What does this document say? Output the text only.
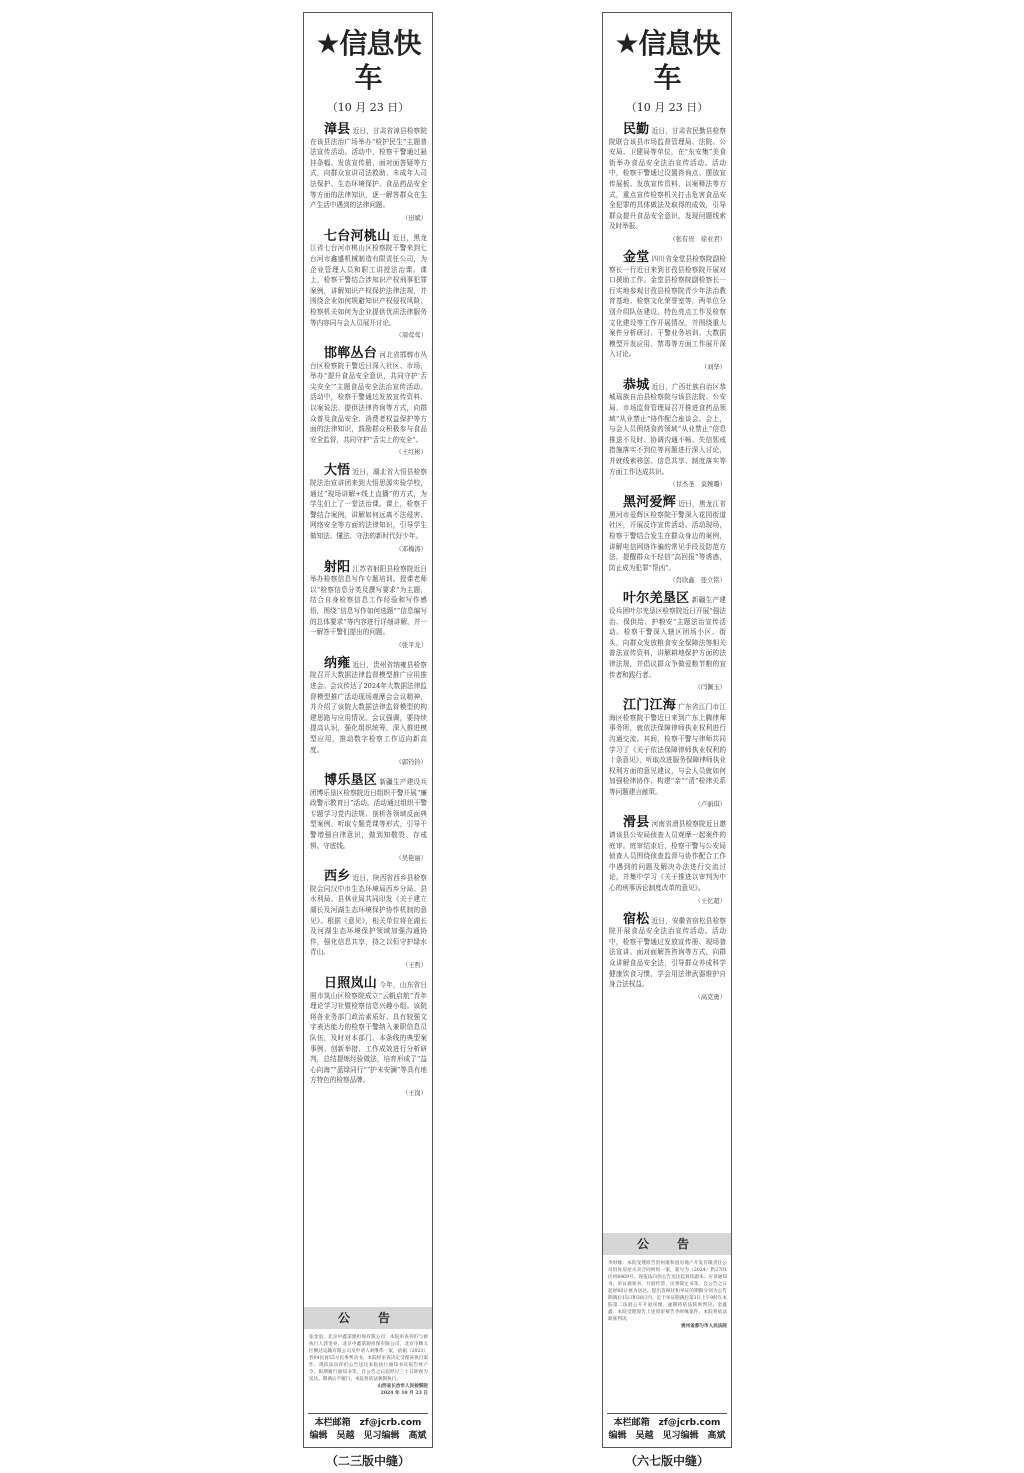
★信息快车
（10 月 23 日）

漳县 近日，甘肃省漳县检察院在该县法治广场举办“检护民生”主题普法宣传活动。活动中，检察干警通过悬挂条幅、发放宣传册、面对面答疑等方式，向群众宣讲司法救助、未成年人司法保护、生态环境保护、食品药品安全等方面的法律知识，逐一解答群众在生产生活中遇到的法律问题。

（田斌）

七台河桃山 近日，黑龙江省七台河市桃山区检察院干警来到七台河市鑫盛机械制造有限责任公司，为企业管理人员和职工讲授法治课。课上，检察干警结合涉知识产权刑事犯罪案例，讲解知识产权保护法律法规，并围绕企业如何规避知识产权侵权风险、检察机关如何为企业提供优质法律服务等内容同与会人员展开讨论。

（周莺莺）

邯郸丛台 河北省邯郸市丛台区检察院干警近日深入社区、市场，举办“提升食品安全意识，共同守护‘舌尖安全’”主题食品安全法治宣传活动。活动中，检察干警通过发放宣传资料、以案说法、提供法律咨询等方式，向群众普及食品安全、消费者权益保护等方面的法律知识，鼓励群众积极参与食品安全监督，共同守护“舌尖上的安全”。

（王红彬）

大悟 近日，湖北省大悟县检察院法治宣讲团来到大悟思源实验学校，通过“现场讲解+线上直播”的方式，为学生们上了一堂法治课。课上，检察干警结合案例，讲解如何远离不法侵害、网络安全等方面的法律知识，引导学生做知法、懂法、守法的新时代好少年。

（邓梅涛）

射阳 江苏省射阳县检察院近日举办检察信息写作专题培训。授课老师以“检察信息分类及撰写要求”为主题，结合自身检察信息工作经验和写作感悟，围绕“信息写作如何选题”“信息编写的总体要求”等内容进行详细讲解，并一一解答干警们提出的问题。

（张平龙）

纳雍 近日，贵州省纳雍县检察院召开大数据法律监督模型推广应用推进会。会议传达了2024年大数据法律监督模型推广活动现场观摩会会议精神，并介绍了该院大数据法律监督模型的构建思路与应用情况。会议强调，要持续提高认识，强化组织统筹，深入推进模型应用，推动数字检察工作迈向新高度。

（郭钤钤）

博乐垦区 新疆生产建设兵团博乐垦区检察院近日组织干警开展“廉政警示教育日”活动。活动通过组织干警专题学习党内法规、剖析各领域反面典型案例、听取专题党课等形式，引导干警增强自律意识，做到知敬畏、存戒惧、守底线。

（吴艳丽）

西乡 近日，陕西省西乡县检察院会同汉中市生态环境局西乡分局、县水利局、县林业局共同印发《关于建立湖长及河湖生态环境保护协作机制的意见》。根据《意见》，相关单位将在湖长及河湖生态环境保护领域加强沟通协作，强化信息共享，持之以恒守护绿水青山。

（王哲）

日照岚山 今年，山东省日照市岚山区检察院成立“云帆启航”青年理论学习社暨检察信息兴趣小组。该院将各业务部门政治素质好、具有较强文字表达能力的检察干警纳入兼职信息员队伍，及时对本部门、本条线的典型案事例、创新举措、工作成效进行分析研判，总结提炼经验做法，培育形成了“益心向海”“蓝绿同行”“护未安澜”等具有地方特色的检察品牌。

（王岗）
公　告
张金浪、北京中鑫诺源担保有限公司：本院审查你们与被执行人郭金亮、北京中鑫诺源担保有限公司、北京市顺义区腾达运输有限公司及申请人刘继伟一案，依据（2023）晋04民再55号民事判决书，本院经审查决定受理该执行案件。现依法向你们公告送达本院执行通知书及报告财产令、限期履行通知书等，自公告之日起经过三十日即视为送达。期满后不履行，本院将依法强制执行。
山西省长治市人民检察院
2024 年 10 月 23 日
本栏邮箱　 zf@jcrb.com
编辑　吴越　见习编辑　高斌
（二三版中缝）
★信息快车
（10 月 23 日）

民勤 近日，甘肃省民勤县检察院联合该县市场监督管理局、法院、公安局、卫健局等单位，在“东安集”美食街举办食品安全法治宣传活动。活动中，检察干警通过设置咨询点、摆放宣传展板、发放宣传资料、以案释法等方式，重点宣传检察机关打击危害食品安全犯罪的具体做法及取得的成效，引导群众提升食品安全意识，发现问题线索及时举报。

（张有贵　徐亚君）

金堂 四川省金堂县检察院副检察长一行近日来到甘孜县检察院开展对口援助工作。金堂县检察院副检察长一行实地参观甘孜县检察院青少年法治教育基地、检察文化荣誉室等，两单位分别介绍队伍建设、特色亮点工作及检察文化建设等工作开展情况，并围绕重大案件分析研讨、干警业务培训、大数据模型开发应用、禁毒等方面工作展开深入讨论。

（刘华）

恭城 近日，广西壮族自治区恭城瑶族自治县检察院与该县法院、公安局、市场监督管理局召开推进食药品领域“从业禁止”协作配合座谈会。会上，与会人员围绕食药领域“从业禁止”信息推送不及时、协调沟通不畅、失信惩戒措施落实不到位等问题进行深入讨论，并就线索移送、信息共享、制度落实等方面工作达成共识。

（甘杰圣　莫婉璐）

黑河爱辉 近日，黑龙江省黑河市爱辉区检察院干警深入花园街道社区，开展反诈宣传活动。活动现场，检察干警结合发生在群众身边的案例，讲解电信网络诈骗的常见手段及防范方法，提醒群众不轻信“高回报”等诱惑，防止成为犯罪“帮凶”。

（肖欣鑫　张立铭）

叶尔羌垦区 新疆生产建设兵团叶尔羌垦区检察院近日开展“强法治、保供给、护粮安”主题法治宣传活动。检察干警深入辖区团场小区、街头，向群众发放粮食安全保障法等相关普法宣传资料，讲解耕地保护方面的法律法规，并倡议群众争做爱粮节粮的宣传者和践行者。

（闫佩玉）

江门江海 广东省江门市江海区检察院干警近日来到广东上腾律师事务所，就依法保障律师执业权利进行沟通交流。其间，检察干警与律师共同学习了《关于依法保障律师执业权利的十条意见》，听取改进服务保障律师执业权利方面的意见建议，与会人员就如何加强检律协作、构建“亲”“清”检律关系等问题建言献策。

（卢丽琪）

滑县 河南省滑县检察院近日邀请该县公安局侦查人员观摩一起案件的庭审。庭审结束后，检察干警与公安局侦查人员围绕侦查监督与协作配合工作中遇到的问题及解决办法进行交流讨论，并集中学习《关于推进以审判为中心的刑事诉讼制度改革的意见》。

（王忆超）

宿松 近日，安徽省宿松县检察院开展食品安全法治宣传活动。活动中，检察干警通过发放宣传册、现场普法宣讲、面对面解答咨询等方式，向群众讲解食品安全法，引导群众养成科学健康饮食习惯，学会用法律武器维护自身合法权益。

（高克勇）
公　告
李时缘：本院受理原告贵州康和园房地产开发有限责任公司诉你房屋买卖合同纠纷一案，案号为（2024）黔2701民初6469号。现依法向你公告送达起诉状副本、应诉通知书、举证通知书、开庭传票、民事裁定书等。自公告之日起经60日视为送达。提出答辩状和举证的期限分别为公告期满后15日和30日内。定于举证期满后第3日上午9时在本院第二法庭公开开庭审理，逾期将依法缺席判决。金鑫鑫：本院受理原告上述原审被告李时缘案件，本院将依法缺席判决。
贵州省都匀市人民法院
本栏邮箱　 zf@jcrb.com
编辑　吴越　见习编辑　高斌
（六七版中缝）
